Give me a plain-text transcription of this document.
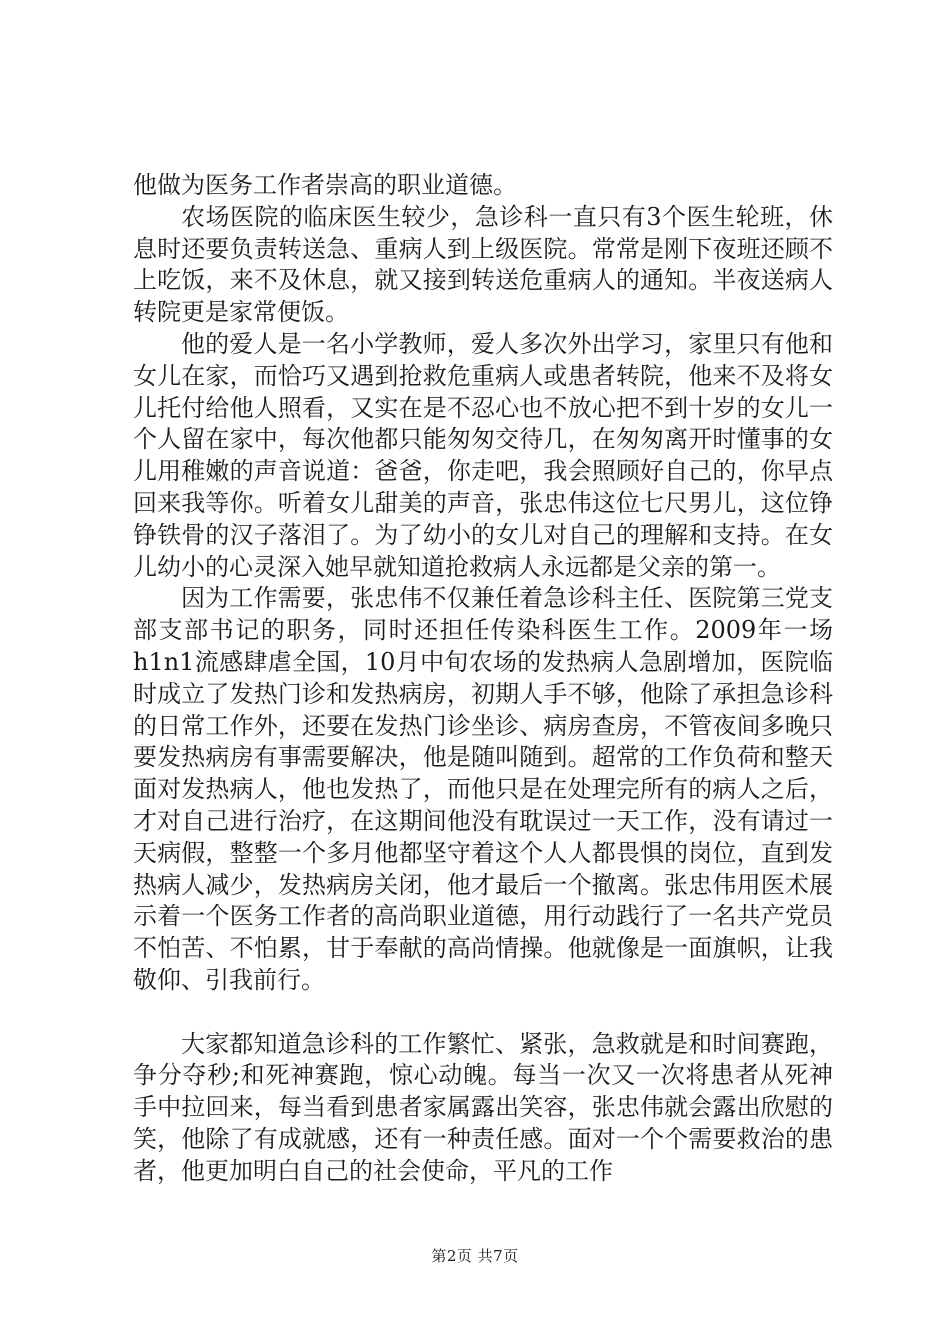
他做为医务工作者崇高的职业道德。

农场医院的临床医生较少，急诊科一直只有3个医生轮班，休息时还要负责转送急、重病人到上级医院。常常是刚下夜班还顾不上吃饭，来不及休息，就又接到转送危重病人的通知。半夜送病人转院更是家常便饭。

他的爱人是一名小学教师，爱人多次外出学习，家里只有他和女儿在家，而恰巧又遇到抢救危重病人或患者转院，他来不及将女儿托付给他人照看，又实在是不忍心也不放心把不到十岁的女儿一个人留在家中，每次他都只能匆匆交待几，在匆匆离开时懂事的女儿用稚嫩的声音说道：爸爸，你走吧，我会照顾好自己的，你早点回来我等你。听着女儿甜美的声音，张忠伟这位七尺男儿，这位铮铮铁骨的汉子落泪了。为了幼小的女儿对自己的理解和支持。在女儿幼小的心灵深入她早就知道抢救病人永远都是父亲的第一。

因为工作需要，张忠伟不仅兼任着急诊科主任、医院第三党支部支部书记的职务，同时还担任传染科医生工作。2009年一场h1n1流感肆虐全国，10月中旬农场的发热病人急剧增加，医院临时成立了发热门诊和发热病房，初期人手不够，他除了承担急诊科的日常工作外，还要在发热门诊坐诊、病房查房，不管夜间多晚只要发热病房有事需要解决，他是随叫随到。超常的工作负荷和整天面对发热病人，他也发热了，而他只是在处理完所有的病人之后，才对自己进行治疗，在这期间他没有耽误过一天工作，没有请过一天病假，整整一个多月他都坚守着这个人人都畏惧的岗位，直到发热病人减少，发热病房关闭，他才最后一个撤离。张忠伟用医术展示着一个医务工作者的高尚职业道德，用行动践行了一名共产党员不怕苦、不怕累，甘于奉献的高尚情操。他就像是一面旗帜，让我敬仰、引我前行。

大家都知道急诊科的工作繁忙、紧张，急救就是和时间赛跑，争分夺秒;和死神赛跑，惊心动魄。每当一次又一次将患者从死神手中拉回来，每当看到患者家属露出笑容，张忠伟就会露出欣慰的笑，他除了有成就感，还有一种责任感。面对一个个需要救治的患者，他更加明白自己的社会使命，平凡的工作

第2页 共7页
